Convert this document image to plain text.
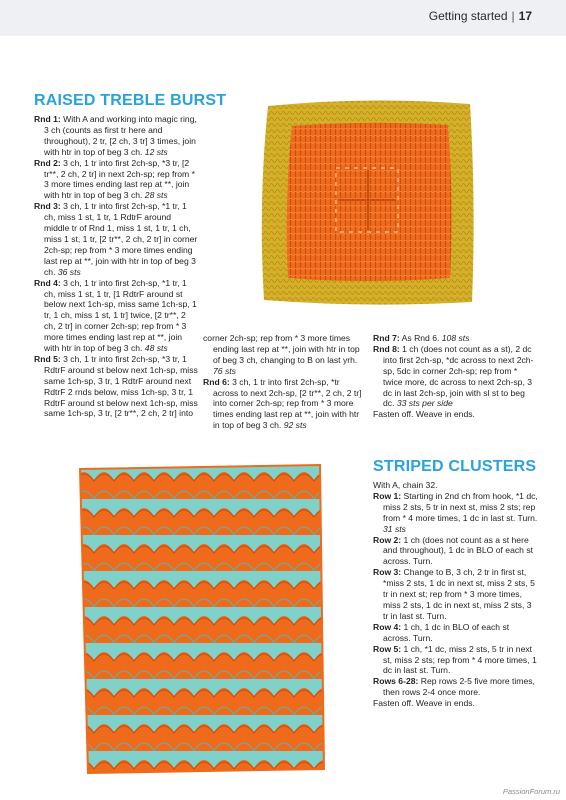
Getting started | 17
RAISED TREBLE BURST

Rnd 1: With A and working into magic ring, 3 ch (counts as first tr here and throughout), 2 tr, [2 ch, 3 tr] 3 times, join with htr in top of beg 3 ch. 12 sts

Rnd 2: 3 ch, 1 tr into first 2ch-sp, *3 tr, [2 tr**, 2 ch, 2 tr] in next 2ch-sp; rep from * 3 more times ending last rep at **, join with htr in top of beg 3 ch. 28 sts

Rnd 3: 3 ch, 1 tr into first 2ch-sp, *1 tr, 1 ch, miss 1 st, 1 tr, 1 RdtrF around middle tr of Rnd 1, miss 1 st, 1 tr, 1 ch, miss 1 st, 1 tr, [2 tr**, 2 ch, 2 tr] in corner 2ch-sp; rep from * 3 more times ending last rep at **, join with htr in top of beg 3 ch. 36 sts

Rnd 4: 3 ch, 1 tr into first 2ch-sp, *1 tr, 1 ch, miss 1 st, 1 tr, [1 RdtrF around st below next 1ch-sp, miss same 1ch-sp, 1 tr, 1 ch, miss 1 st, 1 tr] twice, [2 tr**, 2 ch, 2 tr] in corner 2ch-sp; rep from * 3 more times ending last rep at **, join with htr in top of beg 3 ch. 48 sts

Rnd 5: 3 ch, 1 tr into first 2ch-sp, *3 tr, 1 RdtrF around st below next 1ch-sp, miss same 1ch-sp, 3 tr, 1 RdtrF around next RdtrF 2 rnds below, miss 1ch-sp, 3 tr, 1 RdtrF around st below next 1ch-sp, miss same 1ch-sp, 3 tr, [2 tr**, 2 ch, 2 tr] into

corner 2ch-sp; rep from * 3 more times ending last rep at **, join with htr in top of beg 3 ch, changing to B on last yrh. 76 sts

Rnd 6: 3 ch, 1 tr into first 2ch-sp, *tr across to next 2ch-sp, [2 tr**, 2 ch, 2 tr] into corner 2ch-sp; rep from * 3 more times ending last rep at **, join with htr in top of beg 3 ch. 92 sts

Rnd 7: As Rnd 6. 108 sts

Rnd 8: 1 ch (does not count as a st), 2 dc into first 2ch-sp, *dc across to next 2ch-sp, 5dc in corner 2ch-sp; rep from * twice more, dc across to next 2ch-sp, 3 dc in last 2ch-sp, join with sl st to beg dc. 33 sts per side

Fasten off. Weave in ends.

STRIPED CLUSTERS

With A, chain 32.

Row 1: Starting in 2nd ch from hook, *1 dc, miss 2 sts, 5 tr in next st, miss 2 sts; rep from * 4 more times, 1 dc in last st. Turn. 31 sts

Row 2: 1 ch (does not count as a st here and throughout), 1 dc in BLO of each st across. Turn.

Row 3: Change to B, 3 ch, 2 tr in first st, *miss 2 sts, 1 dc in next st, miss 2 sts, 5 tr in next st; rep from * 3 more times, miss 2 sts, 1 dc in next st, miss 2 sts, 3 tr in last st. Turn.

Row 4: 1 ch, 1 dc in BLO of each st across. Turn.

Row 5: 1 ch, *1 dc, miss 2 sts, 5 tr in next st, miss 2 sts; rep from * 4 more times, 1 dc in last st. Turn.

Rows 6-28: Rep rows 2-5 five more times, then rows 2-4 once more.

Fasten off. Weave in ends.

PassionForum.ru
